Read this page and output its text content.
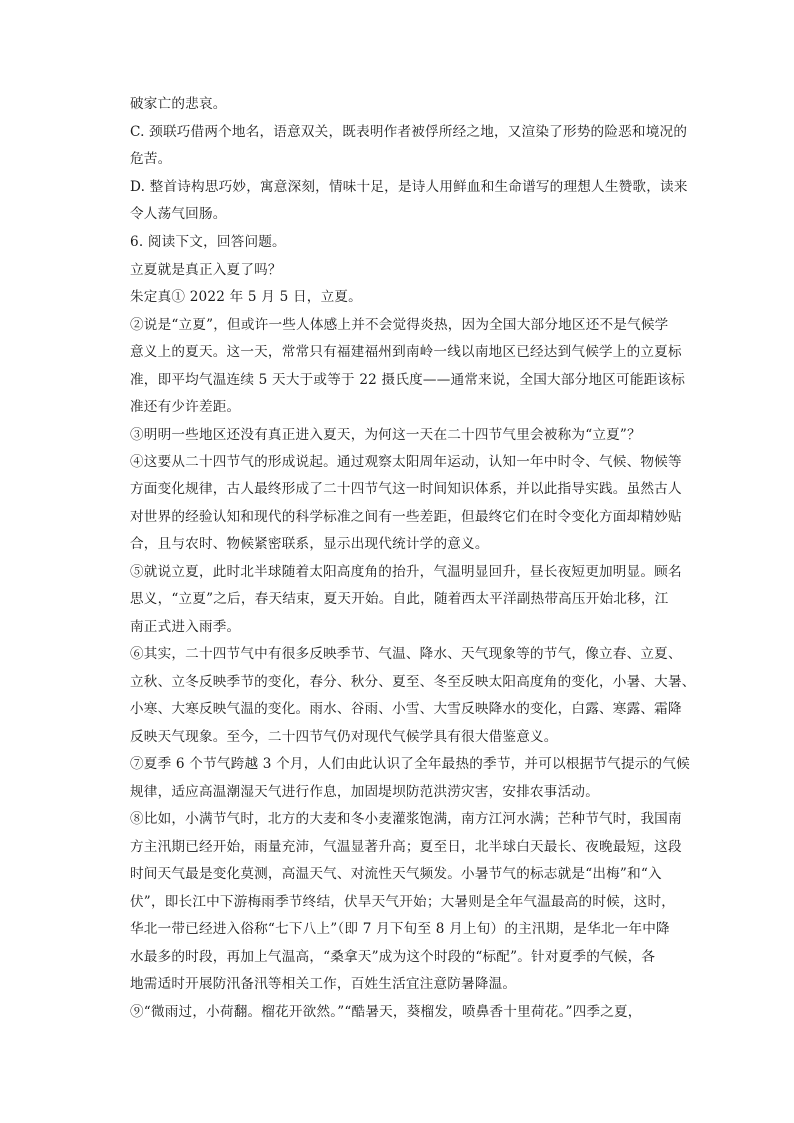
破家亡的悲哀。
C. 颈联巧借两个地名，语意双关，既表明作者被俘所经之地，又渲染了形势的险恶和境况的
危苦。
D. 整首诗构思巧妙，寓意深刻，情味十足，是诗人用鲜血和生命谱写的理想人生赞歌，读来
令人荡气回肠。
6. 阅读下文，回答问题。
立夏就是真正入夏了吗？
朱定真① 2022 年 5 月 5 日，立夏。
②说是“立夏”，但或许一些人体感上并不会觉得炎热，因为全国大部分地区还不是气候学
意义上的夏天。这一天，常常只有福建福州到南岭一线以南地区已经达到气候学上的立夏标
准，即平均气温连续 5 天大于或等于 22 摄氏度——通常来说，全国大部分地区可能距该标
准还有少许差距。
③明明一些地区还没有真正进入夏天，为何这一天在二十四节气里会被称为“立夏”？
④这要从二十四节气的形成说起。通过观察太阳周年运动，认知一年中时令、气候、物候等
方面变化规律，古人最终形成了二十四节气这一时间知识体系，并以此指导实践。虽然古人
对世界的经验认知和现代的科学标准之间有一些差距，但最终它们在时令变化方面却精妙贴
合，且与农时、物候紧密联系，显示出现代统计学的意义。
⑤就说立夏，此时北半球随着太阳高度角的抬升，气温明显回升，昼长夜短更加明显。顾名
思义，“立夏”之后，春天结束，夏天开始。自此，随着西太平洋副热带高压开始北移，江
南正式进入雨季。
⑥其实，二十四节气中有很多反映季节、气温、降水、天气现象等的节气，像立春、立夏、
立秋、立冬反映季节的变化，春分、秋分、夏至、冬至反映太阳高度角的变化，小暑、大暑、
小寒、大寒反映气温的变化。雨水、谷雨、小雪、大雪反映降水的变化，白露、寒露、霜降
反映天气现象。至今，二十四节气仍对现代气候学具有很大借鉴意义。
⑦夏季 6 个节气跨越 3 个月，人们由此认识了全年最热的季节，并可以根据节气提示的气候
规律，适应高温潮湿天气进行作息，加固堤坝防范洪涝灾害，安排农事活动。
⑧比如，小满节气时，北方的大麦和冬小麦灌浆饱满，南方江河水满；芒种节气时，我国南
方主汛期已经开始，雨量充沛，气温显著升高；夏至日，北半球白天最长、夜晚最短，这段
时间天气最是变化莫测，高温天气、对流性天气频发。小暑节气的标志就是“出梅”和“入
伏”，即长江中下游梅雨季节终结，伏旱天气开始；大暑则是全年气温最高的时候，这时，
华北一带已经进入俗称“七下八上”（即 7 月下旬至 8 月上旬）的主汛期，是华北一年中降
水最多的时段，再加上气温高，“桑拿天”成为这个时段的“标配”。针对夏季的气候，各
地需适时开展防汛备汛等相关工作，百姓生活宜注意防暑降温。
⑨“微雨过，小荷翻。榴花开欲然。”“酷暑天，葵榴发，喷鼻香十里荷花。”四季之夏，
